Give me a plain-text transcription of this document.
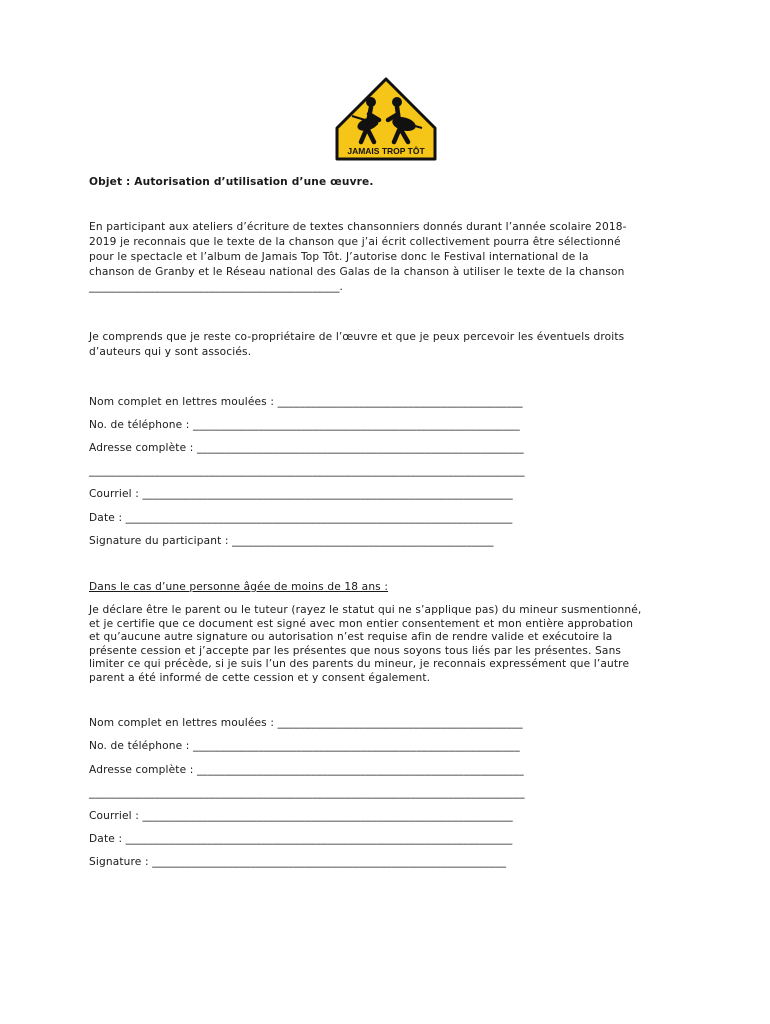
JAMAIS TROP TÔT

Objet : Autorisation d’utilisation d’une œuvre.

En participant aux ateliers d’écriture de textes chansonniers donnés durant l’année scolaire 2018-

2019 je reconnais que le texte de la chanson que j’ai écrit collectivement pourra être sélectionné

pour le spectacle et l’album de Jamais Top Tôt. J’autorise donc le Festival international de la

chanson de Granby et le Réseau national des Galas de la chanson à utiliser le texte de la chanson

______________________________________________.

Je comprends que je reste co-propriétaire de l’œuvre et que je peux percevoir les éventuels droits

d’auteurs qui y sont associés.

Nom complet en lettres moulées : _____________________________________________

No. de téléphone : ____________________________________________________________

Adresse complète : ____________________________________________________________

________________________________________________________________________________

Courriel : ____________________________________________________________________

Date : _______________________________________________________________________

Signature du participant : ________________________________________________

Dans le cas d’une personne âgée de moins de 18 ans :

Je déclare être le parent ou le tuteur (rayez le statut qui ne s’applique pas) du mineur susmentionné,

et je certifie que ce document est signé avec mon entier consentement et mon entière approbation

et qu’aucune autre signature ou autorisation n’est requise afin de rendre valide et exécutoire la

présente cession et j’accepte par les présentes que nous soyons tous liés par les présentes. Sans

limiter ce qui précède, si je suis l’un des parents du mineur, je reconnais expressément que l’autre

parent a été informé de cette cession et y consent également.

Nom complet en lettres moulées : _____________________________________________

No. de téléphone : ____________________________________________________________

Adresse complète : ____________________________________________________________

________________________________________________________________________________

Courriel : ____________________________________________________________________

Date : _______________________________________________________________________

Signature : _________________________________________________________________
